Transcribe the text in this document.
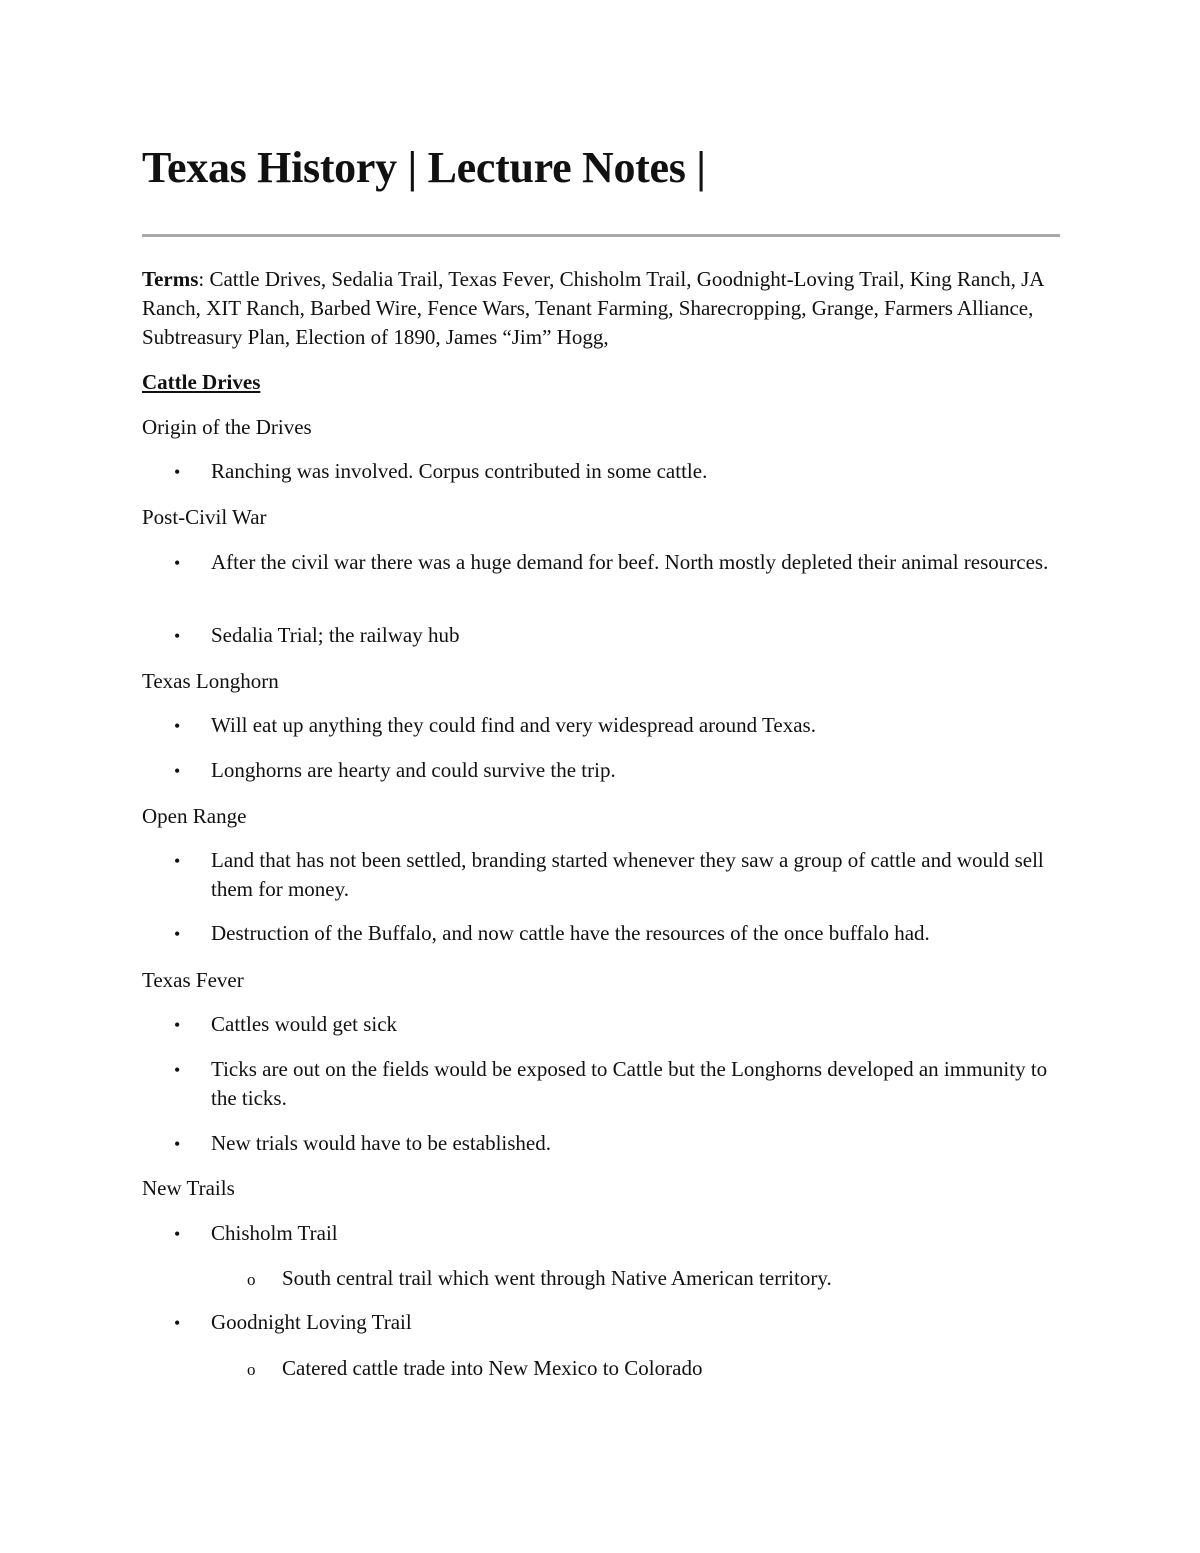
Texas History | Lecture Notes |
Terms: Cattle Drives, Sedalia Trail, Texas Fever, Chisholm Trail, Goodnight-Loving Trail, King Ranch, JA Ranch, XIT Ranch, Barbed Wire, Fence Wars, Tenant Farming, Sharecropping, Grange, Farmers Alliance, Subtreasury Plan, Election of 1890, James “Jim” Hogg,
Cattle Drives
Origin of the Drives
• Ranching was involved. Corpus contributed in some cattle.
Post-Civil War
• After the civil war there was a huge demand for beef. North mostly depleted their animal resources.
• Sedalia Trial; the railway hub
Texas Longhorn
• Will eat up anything they could find and very widespread around Texas.
• Longhorns are hearty and could survive the trip.
Open Range
• Land that has not been settled, branding started whenever they saw a group of cattle and would sell them for money.
• Destruction of the Buffalo, and now cattle have the resources of the once buffalo had.
Texas Fever
• Cattles would get sick
• Ticks are out on the fields would be exposed to Cattle but the Longhorns developed an immunity to the ticks.
• New trials would have to be established.
New Trails
• Chisholm Trail
o South central trail which went through Native American territory.
• Goodnight Loving Trail
o Catered cattle trade into New Mexico to Colorado
